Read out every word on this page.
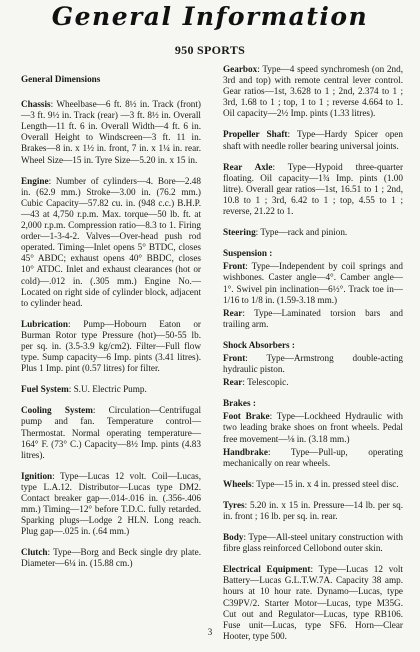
General Information
950 SPORTS
General Dimensions

Chassis: Wheelbase—6 ft. 8½ in. Track (front)—3 ft. 9½ in. Track (rear) —3 ft. 8½ in. Overall Length—11 ft. 6 in. Overall Width—4 ft. 6 in. Overall Height to Windscreen—3 ft. 11 in. Brakes—8 in. x 1½ in. front, 7 in. x 1¼ in. rear. Wheel Size—15 in. Tyre Size—5.20 in. x 15 in.

Engine: Number of cylinders—4. Bore—2.48 in. (62.9 mm.) Stroke—3.00 in. (76.2 mm.) Cubic Capacity—57.82 cu. in. (948 c.c.) B.H.P.—43 at 4,750 r.p.m. Max. torque—50 lb. ft. at 2,000 r.p.m. Compression ratio—8.3 to 1. Firing order—1-3-4-2. Valves—Over-head push rod operated. Timing—Inlet opens 5° BTDC, closes 45° ABDC; exhaust opens 40° BBDC, closes 10° ATDC. Inlet and exhaust clearances (hot or cold)—.012 in. (.305 mm.) Engine No.—Located on right side of cylinder block, adjacent to cylinder head.

Lubrication: Pump—Hobourn Eaton or Burman Rotor type Pressure (hot)—50-55 lb. per sq. in. (3.5-3.9 kg/cm2). Filter—Full flow type. Sump capacity—6 Imp. pints (3.41 litres). Plus 1 Imp. pint (0.57 litres) for filter.

Fuel System: S.U. Electric Pump.

Cooling System: Circulation—Centrifugal pump and fan. Temperature control—Thermostat. Normal operating temperature—164° F. (73° C.) Capacity—8½ Imp. pints (4.83 litres).

Ignition: Type—Lucas 12 volt. Coil—Lucas, type L.A.12. Distributor—Lucas type DM2. Contact breaker gap—.014-.016 in. (.356-.406 mm.) Timing—12° before T.D.C. fully retarded. Sparking plugs—Lodge 2 HLN. Long reach. Plug gap—.025 in. (.64 mm.)

Clutch: Type—Borg and Beck single dry plate. Diameter—6¼ in. (15.88 cm.)

Gearbox: Type—4 speed synchromesh (on 2nd, 3rd and top) with remote central lever control. Gear ratios—1st, 3.628 to 1 ; 2nd, 2.374 to 1 ; 3rd, 1.68 to 1 ; top, 1 to 1 ; reverse 4.664 to 1. Oil capacity—2½ Imp. pints (1.33 litres).

Propeller Shaft: Type—Hardy Spicer open shaft with needle roller bearing universal joints.

Rear Axle: Type—Hypoid three-quarter floating. Oil capacity—1¾ Imp. pints (1.00 litre). Overall gear ratios—1st, 16.51 to 1 ; 2nd, 10.8 to 1 ; 3rd, 6.42 to 1 ; top, 4.55 to 1 ; reverse, 21.22 to 1.

Steering: Type—rack and pinion.

Suspension :

Front: Type—Independent by coil springs and wishbones. Caster angle—4°. Camber angle—1°. Swivel pin inclination—6½°. Track toe in—1/16 to 1/8 in. (1.59-3.18 mm.)

Rear: Type—Laminated torsion bars and trailing arm.

Shock Absorbers :

Front: Type—Armstrong double-acting hydraulic piston.

Rear: Telescopic.

Brakes :

Foot Brake: Type—Lockheed Hydraulic with two leading brake shoes on front wheels. Pedal free movement—⅛ in. (3.18 mm.)

Handbrake: Type—Pull-up, operating mechanically on rear wheels.

Wheels: Type—15 in. x 4 in. pressed steel disc.

Tyres: 5.20 in. x 15 in. Pressure—14 lb. per sq. in. front ; 16 lb. per sq. in. rear.

Body: Type—All-steel unitary construction with fibre glass reinforced Cellobond outer skin.

Electrical Equipment: Type—Lucas 12 volt Battery—Lucas G.L.T.W.7A. Capacity 38 amp. hours at 10 hour rate. Dynamo—Lucas, type C39PV/2. Starter Motor—Lucas, type M35G. Cut out and Regulator—Lucas, type RB106. Fuse unit—Lucas, type SF6. Horn—Clear Hooter, type 500.

3
